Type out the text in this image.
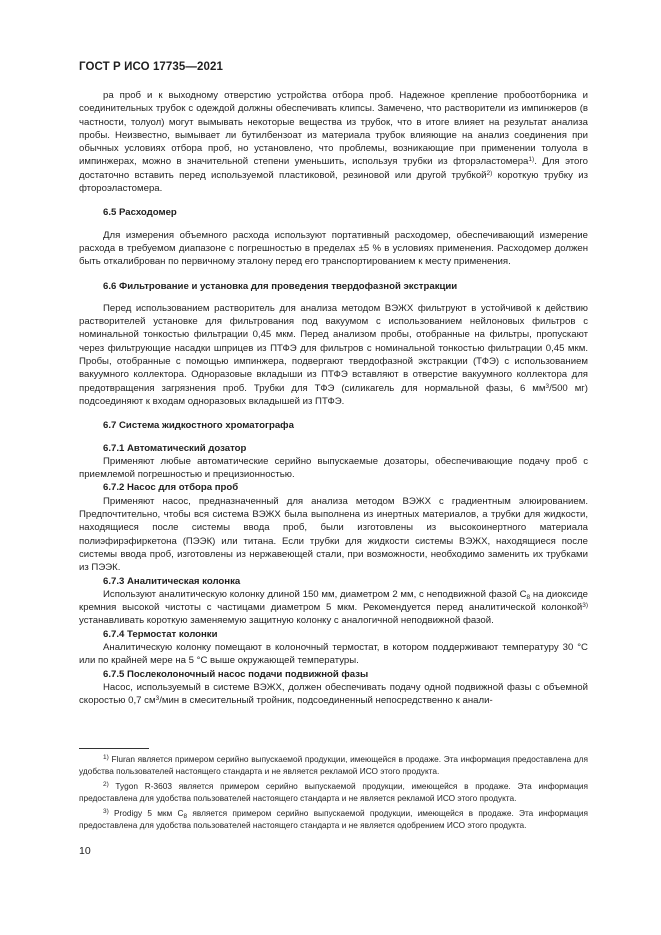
ГОСТ Р ИСО 17735—2021

ра проб и к выходному отверстию устройства отбора проб. Надежное крепление пробоотборника и соединительных трубок с одеждой должны обеспечивать клипсы. Замечено, что растворители из импинжеров (в частности, толуол) могут вымывать некоторые вещества из трубок, что в итоге влияет на результат анализа пробы. Неизвестно, вымывает ли бутилбензоат из материала трубок влияющие на анализ соединения при обычных условиях отбора проб, но установлено, что проблемы, возникающие при применении толуола в импинжерах, можно в значительной степени уменьшить, используя трубки из фторэластомера$^{1)}$. Для этого достаточно вставить перед используемой пластиковой, резиновой или другой трубкой$^{2)}$ короткую трубку из фтороэластомера.

6.5 Расходомер

Для измерения объемного расхода используют портативный расходомер, обеспечивающий измерение расхода в требуемом диапазоне с погрешностью в пределах ±5 % в условиях применения. Расходомер должен быть откалиброван по первичному эталону перед его транспортированием к месту применения.

6.6 Фильтрование и установка для проведения твердофазной экстракции

Перед использованием растворитель для анализа методом ВЭЖХ фильтруют в устойчивой к действию растворителей установке для фильтрования под вакуумом с использованием нейлоновых фильтров с номинальной тонкостью фильтрации 0,45 мкм. Перед анализом пробы, отобранные на фильтры, пропускают через фильтрующие насадки шприцев из ПТФЭ для фильтров с номинальной тонкостью фильтрации 0,45 мкм. Пробы, отобранные с помощью импинжера, подвергают твердофазной экстракции (ТФЭ) с использованием вакуумного коллектора. Одноразовые вкладыши из ПТФЭ вставляют в отверстие вакуумного коллектора для предотвращения загрязнения проб. Трубки для ТФЭ (силикагель для нормальной фазы, 6 $мм^3/500$ мг) подсоединяют к входам одноразовых вкладышей из ПТФЭ.

6.7 Система жидкостного хроматографа
6.7.1 Автоматический дозатор

Применяют любые автоматические серийно выпускаемые дозаторы, обеспечивающие подачу проб с приемлемой погрешностью и прецизионностью.

6.7.2 Насос для отбора проб

Применяют насос, предназначенный для анализа методом ВЭЖХ с градиентным элюированием. Предпочтительно, чтобы вся система ВЭЖХ была выполнена из инертных материалов, а трубки для жидкости, находящиеся после системы ввода проб, были изготовлены из высокоинертного материала полиэфирэфиркетона (ПЭЭК) или титана. Если трубки для жидкости системы ВЭЖХ, находящиеся после системы ввода проб, изготовлены из нержавеющей стали, при возможности, необходимо заменить их трубками из ПЭЭК.

6.7.3 Аналитическая колонка

Используют аналитическую колонку длиной 150 мм, диаметром 2 мм, с неподвижной фазой $С_8$ на диоксиде кремния высокой чистоты с частицами диаметром 5 мкм. Рекомендуется перед аналитической колонкой$^{3)}$ устанавливать короткую заменяемую защитную колонку с аналогичной неподвижной фазой.

6.7.4 Термостат колонки

Аналитическую колонку помещают в колоночный термостат, в котором поддерживают температуру 30 °С или по крайней мере на 5 °С выше окружающей температуры.

6.7.5 Послеколоночный насос подачи подвижной фазы

Насос, используемый в системе ВЭЖХ, должен обеспечивать подачу одной подвижной фазы с объемной скоростью 0,7 $см^3$/мин в смесительный тройник, подсоединенный непосредственно к анали-

$^{1)}$ Fluran является примером серийно выпускаемой продукции, имеющейся в продаже. Эта информация предоставлена для удобства пользователей настоящего стандарта и не является рекламой ИСО этого продукта.

$^{2)}$ Tygon R-3603 является примером серийно выпускаемой продукции, имеющейся в продаже. Эта информация предоставлена для удобства пользователей настоящего стандарта и не является рекламой ИСО этого продукта.

$^{3)}$ Prodigy 5 мкм $С_8$ является примером серийно выпускаемой продукции, имеющейся в продаже. Эта информация предоставлена для удобства пользователей настоящего стандарта и не является одобрением ИСО этого продукта.

10
